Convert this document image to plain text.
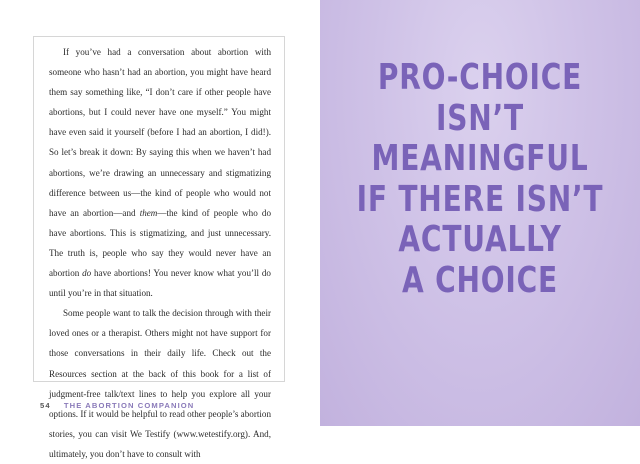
If you’ve had a conversation about abortion with someone who hasn’t had an abortion, you might have heard them say something like, “I don’t care if other people have abortions, but I could never have one myself.” You might have even said it yourself (before I had an abortion, I did!). So let’s break it down: By saying this when we haven’t had abortions, we’re drawing an unnecessary and stigmatizing difference between us—the kind of people who would not have an abortion—and them—the kind of people who do have abortions. This is stigmatizing, and just unnecessary. The truth is, people who say they would never have an abortion do have abortions! You never know what you’ll do until you’re in that situation.

Some people want to talk the decision through with their loved ones or a therapist. Others might not have support for those conversations in their daily life. Check out the Resources section at the back of this book for a list of judgment-free talk/text lines to help you explore all your options. If it would be helpful to read other people’s abortion stories, you can visit We Testify (www.wetestify.org). And, ultimately, you don’t have to consult with

54 THE ABORTION COMPANION
PRO-CHOICE
ISN’T
MEANINGFUL
IF THERE ISN’T
ACTUALLY
A CHOICE
